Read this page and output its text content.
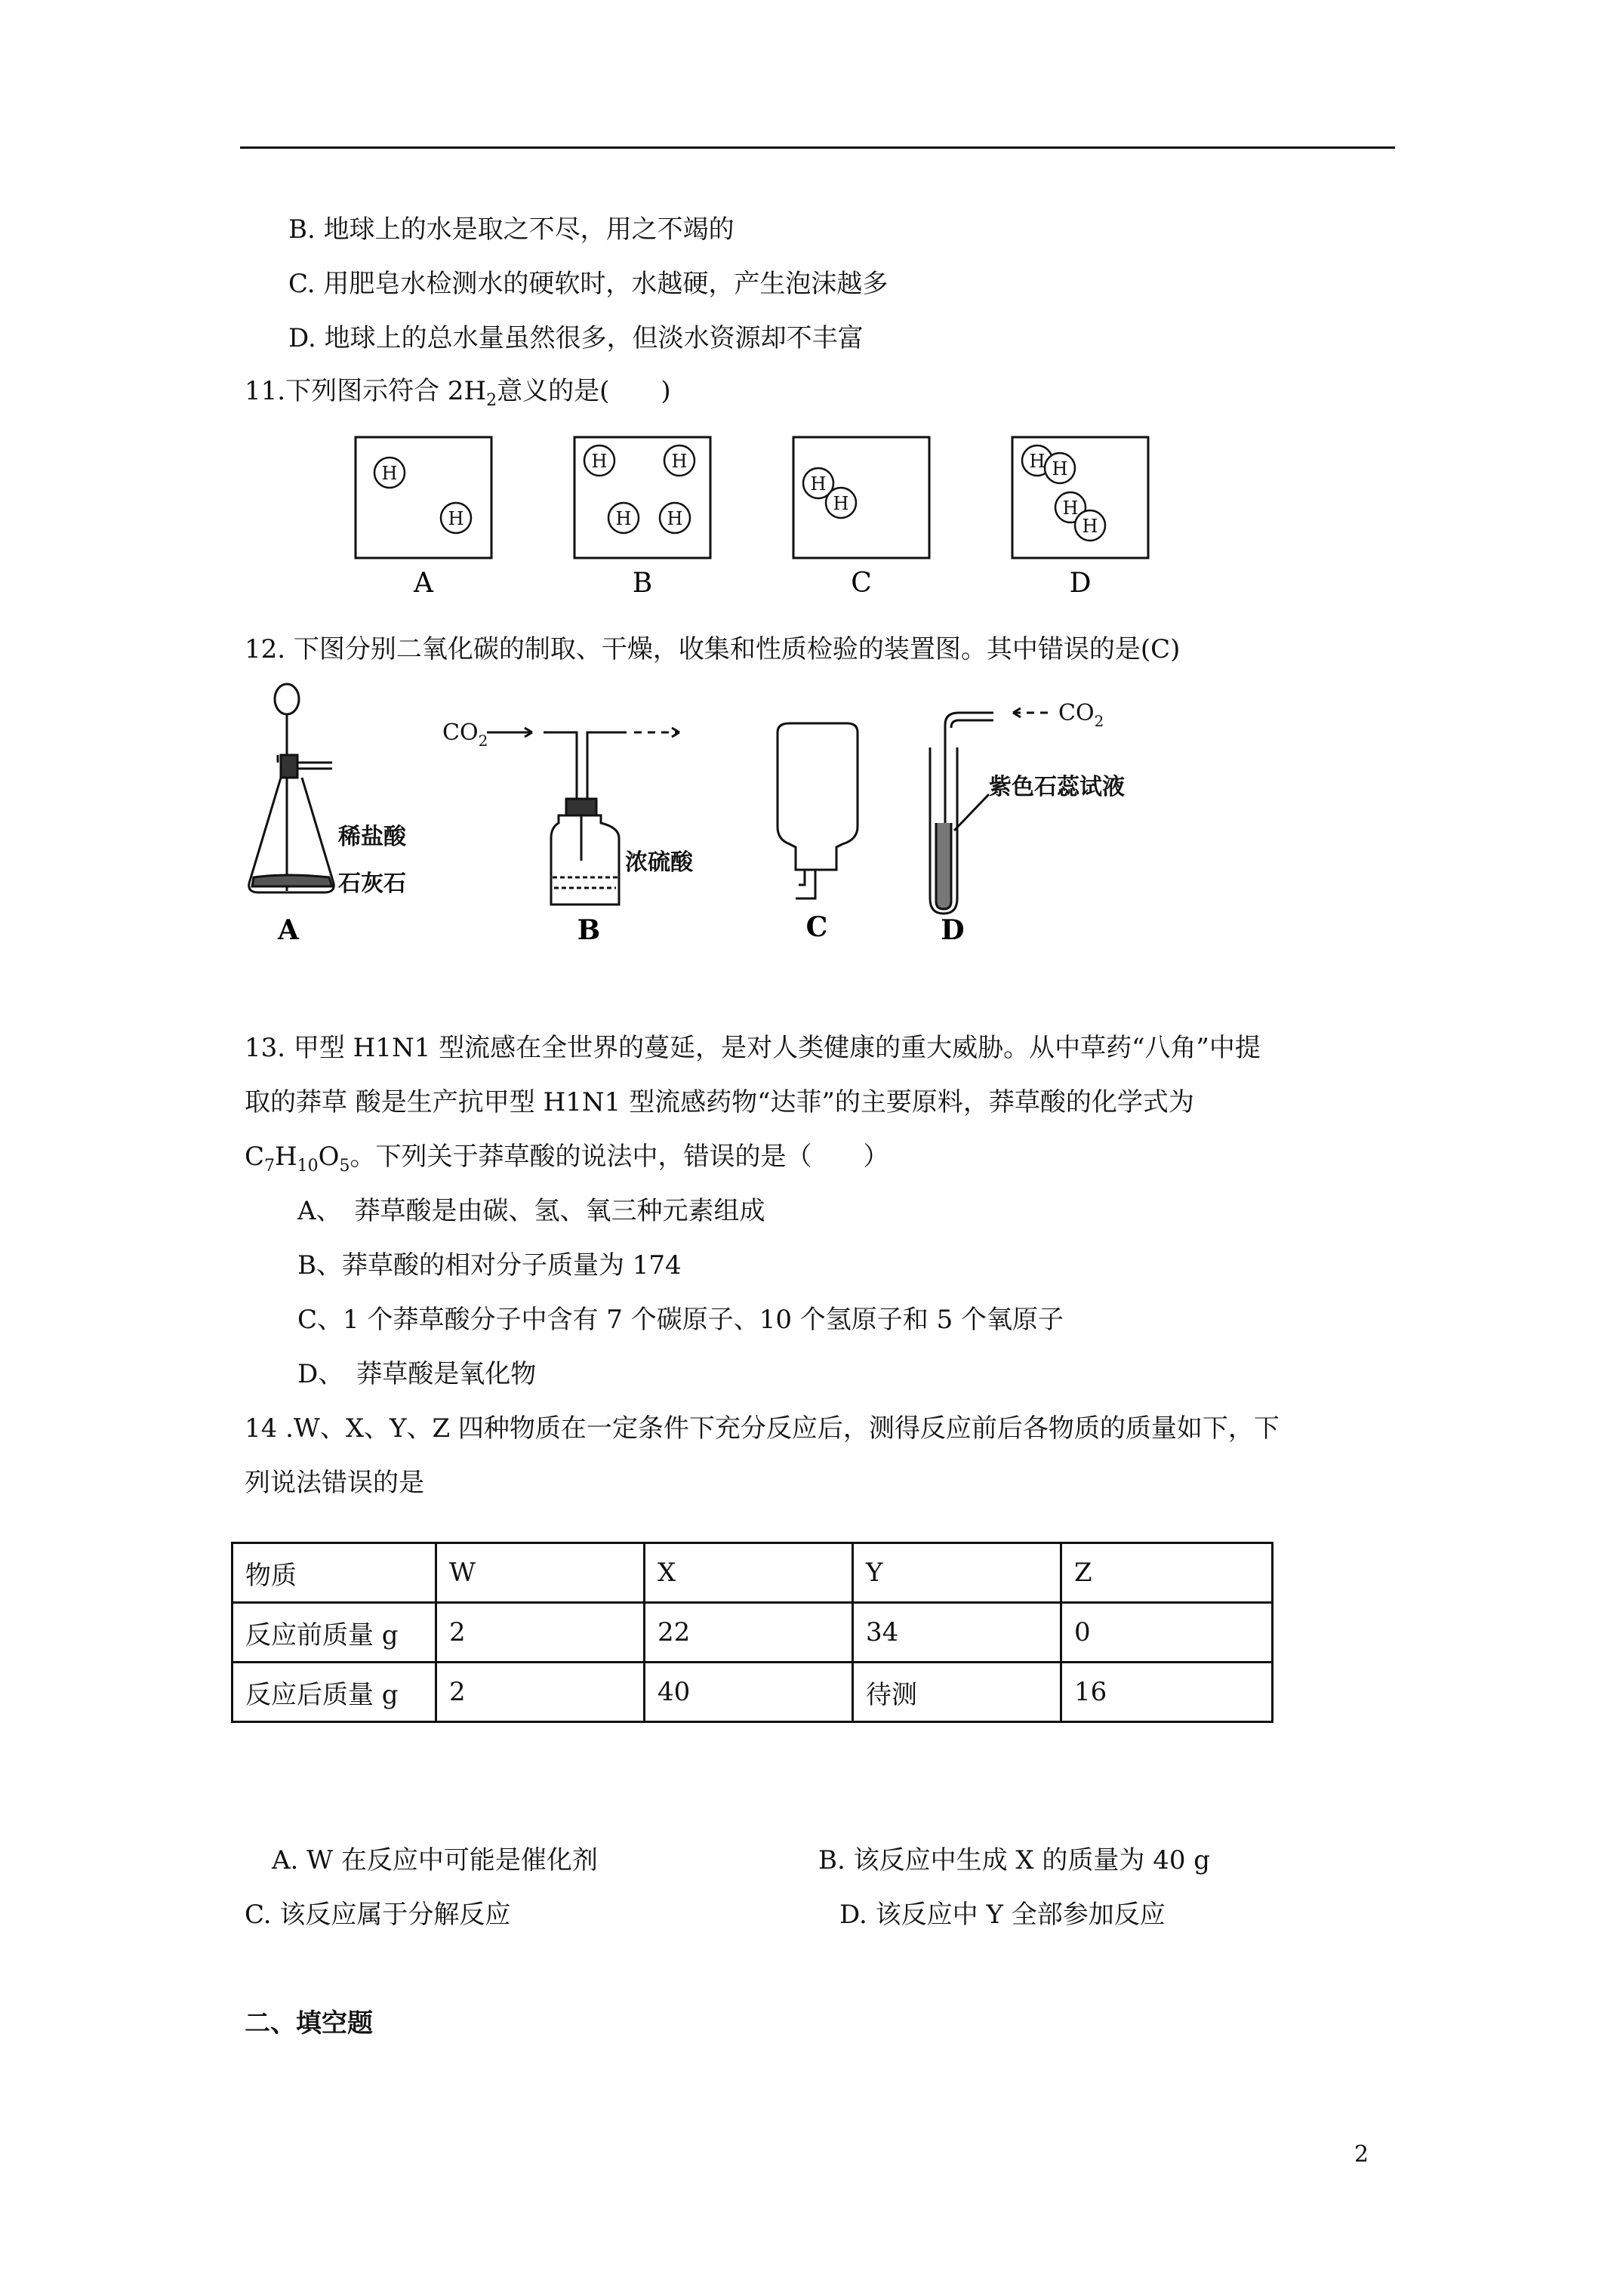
B. 地球上的水是取之不尽，用之不竭的
C. 用肥皂水检测水的硬软时，水越硬，产生泡沫越多
D. 地球上的总水量虽然很多，但淡水资源却不丰富
11.下列图示符合 $2H_2$意义的是(　　)
H
H
H	H
H H
H
H
H H
H
H
A	B	C	D
12. 下图分别二氧化碳的制取、干燥，收集和性质检验的装置图。其中错误的是(C)
$CO_2$
$CO_2$
稀盐酸
石灰石
浓硫酸
紫色石蕊试液
A	B	C	D
13. 甲型 H1N1 型流感在全世界的蔓延，是对人类健康的重大威胁。从中草药“八角”中提
取的莽草 酸是生产抗甲型 H1N1 型流感药物“达菲”的主要原料，莽草酸的化学式为
$C_7H_{10}O_5$。下列关于莽草酸的说法中，错误的是（　　）
A、　莽草酸是由碳、氢、氧三种元素组成
B、莽草酸的相对分子质量为 174
C、1 个莽草酸分子中含有 7 个碳原子、10 个氢原子和 5 个氧原子
D、　莽草酸是氧化物
14 .W、X、Y、Z 四种物质在一定条件下充分反应后，测得反应前后各物质的质量如下，下
列说法错误的是
物质	W	X	Y	Z
反应前质量 g	2	22	34	0
反应后质量 g	2	40	待测	16
A. W 在反应中可能是催化剂	B. 该反应中生成 X 的质量为 40 g
C. 该反应属于分解反应	D. 该反应中 Y 全部参加反应
二、填空题
2
